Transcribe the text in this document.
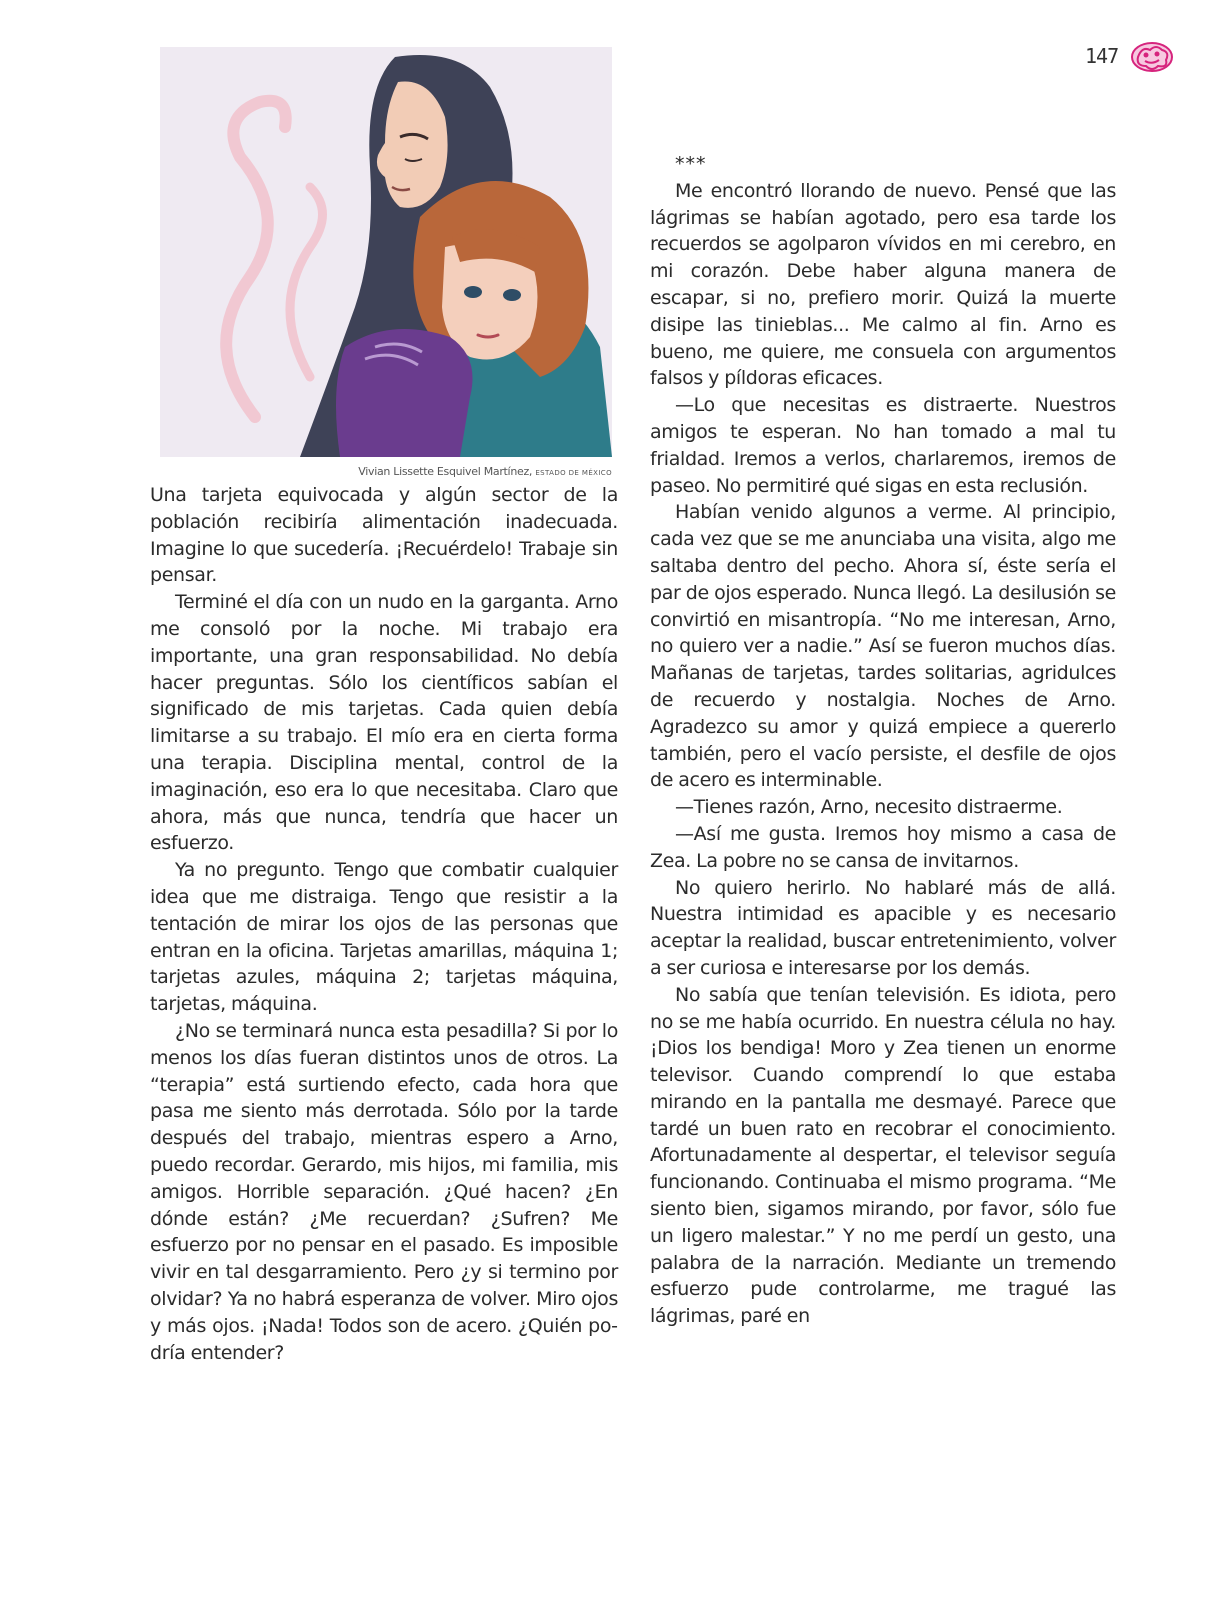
147
Vivian Lissette Esquivel Martínez, ESTADO DE MÉXICO

Una tarjeta equivocada y algún sector de la población recibiría alimentación inadecuada. Imagine lo que sucedería. ¡Recuérdelo! Trabaje sin pensar.

Terminé el día con un nudo en la garganta. Arno me consoló por la noche. Mi trabajo era importante, una gran responsabilidad. No debía hacer preguntas. Sólo los científicos sabían el significado de mis tarjetas. Cada quien debía limitarse a su trabajo. El mío era en cierta forma una terapia. Disciplina mental, control de la imaginación, eso era lo que necesitaba. Claro que ahora, más que nunca, tendría que hacer un esfuerzo.

Ya no pregunto. Tengo que combatir cualquier idea que me distraiga. Tengo que resistir a la tentación de mirar los ojos de las personas que entran en la oficina. Tarjetas amarillas, máquina 1; tarjetas azules, máquina 2; tarjetas máquina, tarjetas, máquina.

¿No se terminará nunca esta pesadilla? Si por lo menos los días fueran distintos unos de otros. La “terapia” está surtiendo efecto, cada hora que pasa me siento más derrotada. Sólo por la tarde después del trabajo, mientras espero a Arno, puedo recordar. Gerardo, mis hijos, mi familia, mis amigos. Horrible separación. ¿Qué hacen? ¿En dónde están? ¿Me recuerdan? ¿Sufren? Me esfuerzo por no pensar en el pasado. Es imposible vivir en tal desgarramiento. Pero ¿y si termino por olvidar? Ya no habrá esperanza de volver. Miro ojos y más ojos. ¡Nada! Todos son de acero. ¿Quién podría entender?

***

Me encontró llorando de nuevo. Pensé que las lágrimas se habían agotado, pero esa tarde los recuerdos se agolparon vívidos en mi cerebro, en mi corazón. Debe haber alguna manera de escapar, si no, prefiero morir. Quizá la muerte disipe las tinieblas... Me calmo al fin. Arno es bueno, me quiere, me consuela con argumentos falsos y píldoras eficaces.

—Lo que necesitas es distraerte. Nuestros amigos te esperan. No han tomado a mal tu frialdad. Iremos a verlos, charlaremos, iremos de paseo. No permitiré qué sigas en esta reclusión.

Habían venido algunos a verme. Al principio, cada vez que se me anunciaba una visita, algo me saltaba dentro del pecho. Ahora sí, éste sería el par de ojos esperado. Nunca llegó. La desilusión se convirtió en misantropía. “No me interesan, Arno, no quiero ver a nadie.” Así se fueron muchos días. Mañanas de tarjetas, tardes solitarias, agridulces de recuerdo y nostalgia. Noches de Arno. Agradezco su amor y quizá empiece a quererlo también, pero el vacío persiste, el desfile de ojos de acero es interminable.

—Tienes razón, Arno, necesito distraerme.

—Así me gusta. Iremos hoy mismo a casa de Zea. La pobre no se cansa de invitarnos.

No quiero herirlo. No hablaré más de allá. Nuestra intimidad es apacible y es necesario aceptar la realidad, buscar entretenimiento, volver a ser curiosa e interesarse por los demás.

No sabía que tenían televisión. Es idiota, pero no se me había ocurrido. En nuestra célula no hay. ¡Dios los bendiga! Moro y Zea tienen un enorme televisor. Cuando comprendí lo que estaba mirando en la pantalla me desmayé. Parece que tardé un buen rato en recobrar el conocimiento. Afortunadamente al despertar, el televisor seguía funcionando. Continuaba el mismo programa. “Me siento bien, sigamos mirando, por favor, sólo fue un ligero malestar.” Y no me perdí un gesto, una palabra de la narración. Mediante un tremendo esfuerzo pude controlarme, me tragué las lágrimas, paré en
